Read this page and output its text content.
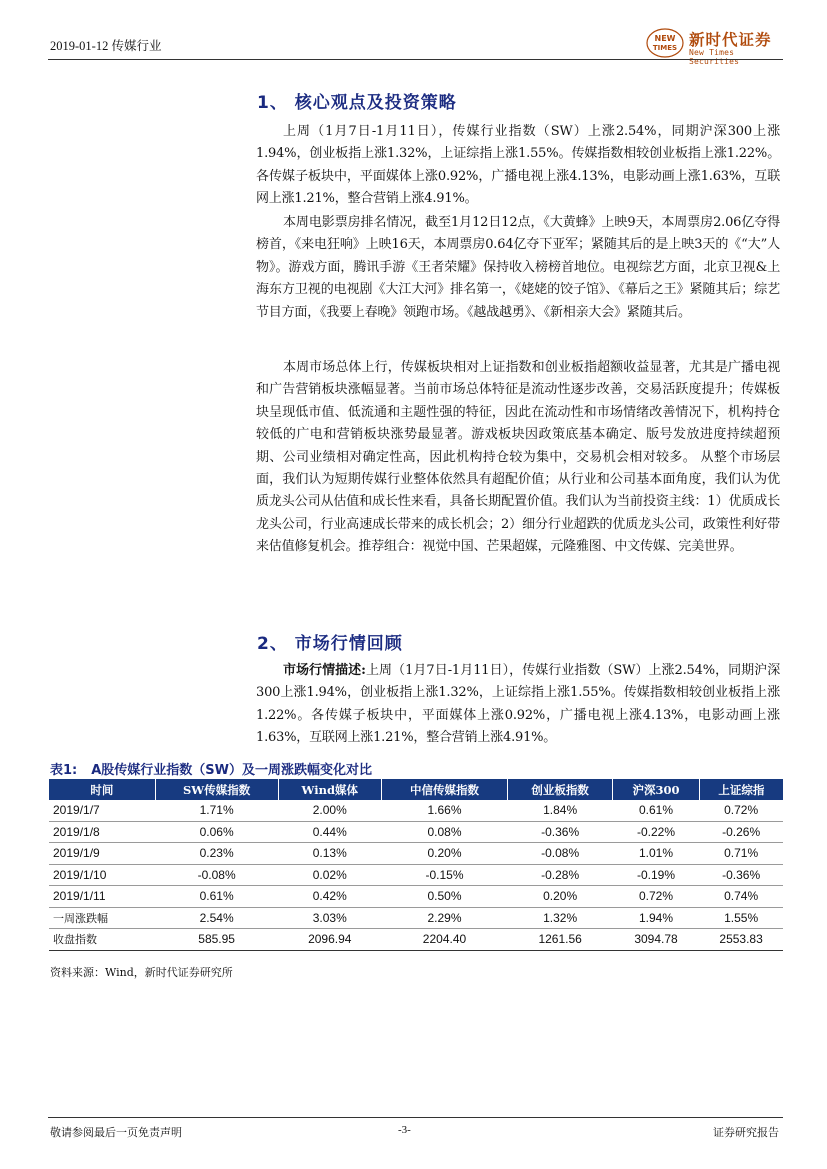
2019-01-12 传媒行业
NEW
TIMES 新时代证券
New Times Securities
1、 核心观点及投资策略
上周（1月7日-1月11日），传媒行业指数（SW）上涨2.54%，同期沪深300上涨1.94%，创业板指上涨1.32%，上证综指上涨1.55%。传媒指数相较创业板指上涨1.22%。各传媒子板块中，平面媒体上涨0.92%，广播电视上涨4.13%，电影动画上涨1.63%，互联网上涨1.21%，整合营销上涨4.91%。
本周电影票房排名情况，截至1月12日12点，《大黄蜂》上映9天，本周票房2.06亿夺得榜首，《来电狂响》上映16天，本周票房0.64亿夺下亚军；紧随其后的是上映3天的《“大”人物》。游戏方面，腾讯手游《王者荣耀》保持收入榜榜首地位。电视综艺方面，北京卫视&上海东方卫视的电视剧《大江大河》排名第一，《姥姥的饺子馆》、《幕后之王》紧随其后；综艺节目方面，《我要上春晚》领跑市场。《越战越勇》、《新相亲大会》紧随其后。
本周市场总体上行，传媒板块相对上证指数和创业板指超额收益显著，尤其是广播电视和广告营销板块涨幅显著。当前市场总体特征是流动性逐步改善，交易活跃度提升；传媒板块呈现低市值、低流通和主题性强的特征，因此在流动性和市场情绪改善情况下，机构持仓较低的广电和营销板块涨势最显著。游戏板块因政策底基本确定、版号发放进度持续超预期、公司业绩相对确定性高，因此机构持仓较为集中，交易机会相对较多。 从整个市场层面，我们认为短期传媒行业整体依然具有超配价值；从行业和公司基本面角度，我们认为优质龙头公司从估值和成长性来看，具备长期配置价值。我们认为当前投资主线：1）优质成长龙头公司，行业高速成长带来的成长机会；2）细分行业超跌的优质龙头公司，政策性利好带来估值修复机会。推荐组合：视觉中国、芒果超媒，元隆雅图、中文传媒、完美世界。
2、 市场行情回顾
市场行情描述:上周（1月7日-1月11日），传媒行业指数（SW）上涨2.54%，同期沪深300上涨1.94%，创业板指上涨1.32%，上证综指上涨1.55%。传媒指数相较创业板指上涨1.22%。各传媒子板块中，平面媒体上涨0.92%，广播电视上涨4.13%，电影动画上涨1.63%，互联网上涨1.21%，整合营销上涨4.91%。
表1: A股传媒行业指数（SW）及一周涨跌幅变化对比
时间	SW传媒指数	Wind媒体	中信传媒指数	创业板指数	沪深300	上证综指
2019/1/7	1.71%	2.00%	1.66%	1.84%	0.61%	0.72%
2019/1/8	0.06%	0.44%	0.08%	-0.36%	-0.22%	-0.26%
2019/1/9	0.23%	0.13%	0.20%	-0.08%	1.01%	0.71%
2019/1/10	-0.08%	0.02%	-0.15%	-0.28%	-0.19%	-0.36%
2019/1/11	0.61%	0.42%	0.50%	0.20%	0.72%	0.74%
一周涨跌幅	2.54%	3.03%	2.29%	1.32%	1.94%	1.55%
收盘指数	585.95	2096.94	2204.40	1261.56	3094.78	2553.83
资料来源：Wind，新时代证券研究所
敬请参阅最后一页免责声明	-3-	证券研究报告
